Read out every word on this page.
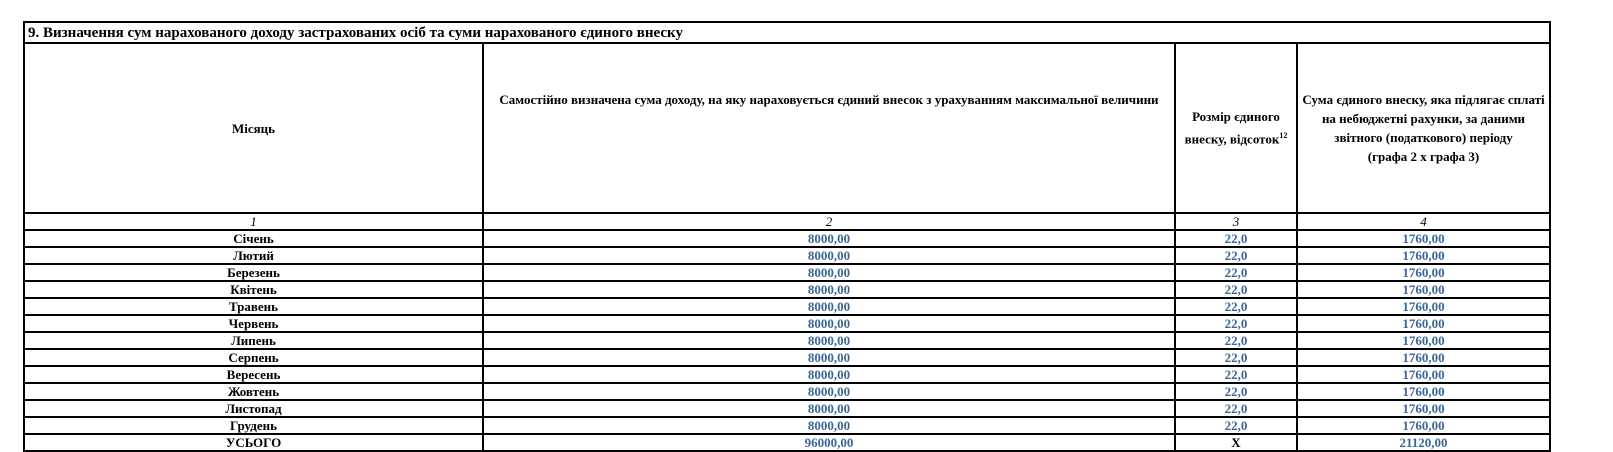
9. Визначення сум нарахованого доходу застрахованих осіб та суми нарахованого єдиного внеску			
Місяць	Самостійно визначена сума доходу, на яку нараховується єдиний внесок з урахуванням максимальної величини	Розмір єдиного внеску, відсоток$^{12}$	Сума єдиного внеску, яка підлягає сплаті на небюджетні рахунки, за даними звітного (податкового) періоду
(графа 2 х графа 3)
1	2	3	4
Січень	8000,00	22,0	1760,00
Лютий	8000,00	22,0	1760,00
Березень	8000,00	22,0	1760,00
Квітень	8000,00	22,0	1760,00
Травень	8000,00	22,0	1760,00
Червень	8000,00	22,0	1760,00
Липень	8000,00	22,0	1760,00
Серпень	8000,00	22,0	1760,00
Вересень	8000,00	22,0	1760,00
Жовтень	8000,00	22,0	1760,00
Листопад	8000,00	22,0	1760,00
Грудень	8000,00	22,0	1760,00
УСЬОГО	96000,00	Х	21120,00
